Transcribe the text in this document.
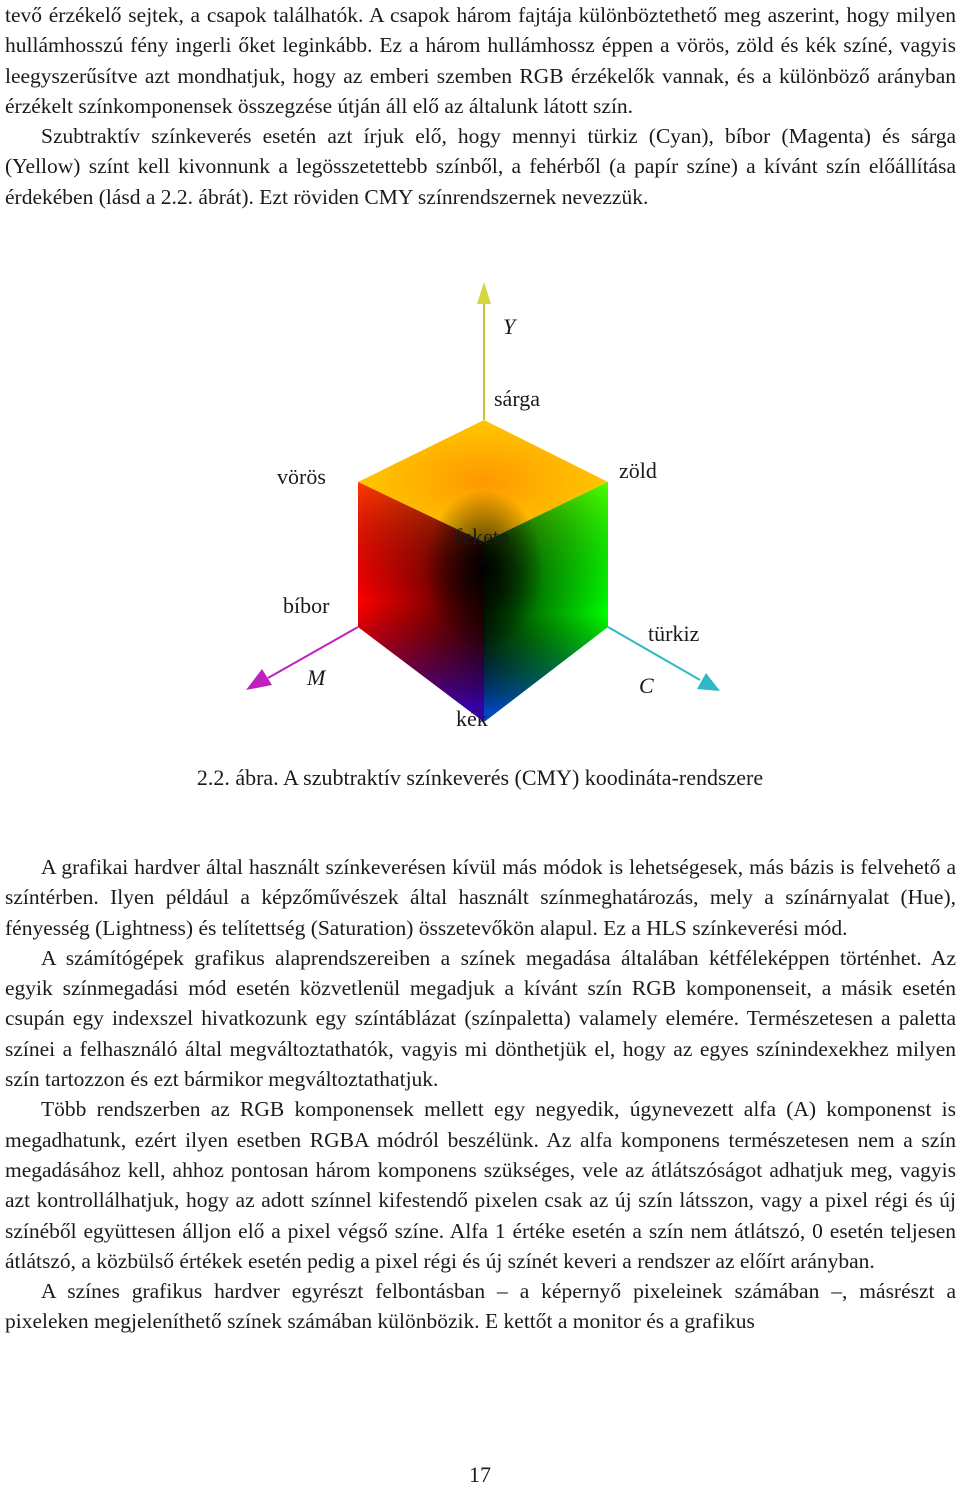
tevő érzékelő sejtek, a csapok találhatók. A csapok három fajtája különböztethető meg aszerint, hogy milyen hullámhosszú fény ingerli őket leginkább. Ez a három hullámhossz éppen a vörös, zöld és kék színé, vagyis leegyszerűsítve azt mondhatjuk, hogy az emberi szemben RGB érzékelők vannak, és a különböző arányban érzékelt színkomponensek összegzése útján áll elő az általunk látott szín.

Szubtraktív színkeverés esetén azt írjuk elő, hogy mennyi türkiz (Cyan), bíbor (Magenta) és sárga (Yellow) színt kell kivonnunk a legösszetettebb színből, a fehérből (a papír színe) a kívánt szín előállítása érdekében (lásd a 2.2. ábrát). Ezt röviden CMY színrendszernek nevezzük.

Y
sárga
vörös	zöld
fekete
bíbor
türkiz
M	C
kék
2.2. ábra. A szubtraktív színkeverés (CMY) koodináta-rendszere

A grafikai hardver által használt színkeverésen kívül más módok is lehetségesek, más bázis is felvehető a színtérben. Ilyen például a képzőművészek által használt színmeghatározás, mely a színárnyalat (Hue), fényesség (Lightness) és telítettség (Saturation) összetevőkön alapul. Ez a HLS színkeverési mód.

A számítógépek grafikus alaprendszereiben a színek megadása általában kétféleképpen történhet. Az egyik színmegadási mód esetén közvetlenül megadjuk a kívánt szín RGB komponenseit, a másik esetén csupán egy indexszel hivatkozunk egy színtáblázat (színpaletta) valamely elemére. Természetesen a paletta színei a felhasználó által megváltoztathatók, vagyis mi dönthetjük el, hogy az egyes színindexekhez milyen szín tartozzon és ezt bármikor megváltoztathatjuk.

Több rendszerben az RGB komponensek mellett egy negyedik, úgynevezett alfa (A) komponenst is megadhatunk, ezért ilyen esetben RGBA módról beszélünk. Az alfa komponens természetesen nem a szín megadásához kell, ahhoz pontosan három komponens szükséges, vele az átlátszóságot adhatjuk meg, vagyis azt kontrollálhatjuk, hogy az adott színnel kifestendő pixelen csak az új szín látsszon, vagy a pixel régi és új színéből együttesen álljon elő a pixel végső színe. Alfa 1 értéke esetén a szín nem átlátszó, 0 esetén teljesen átlátszó, a közbülső értékek esetén pedig a pixel régi és új színét keveri a rendszer az előírt arányban.

A színes grafikus hardver egyrészt felbontásban – a képernyő pixeleinek számában –, másrészt a pixeleken megjeleníthető színek számában különbözik. E kettőt a monitor és a grafikus

17
